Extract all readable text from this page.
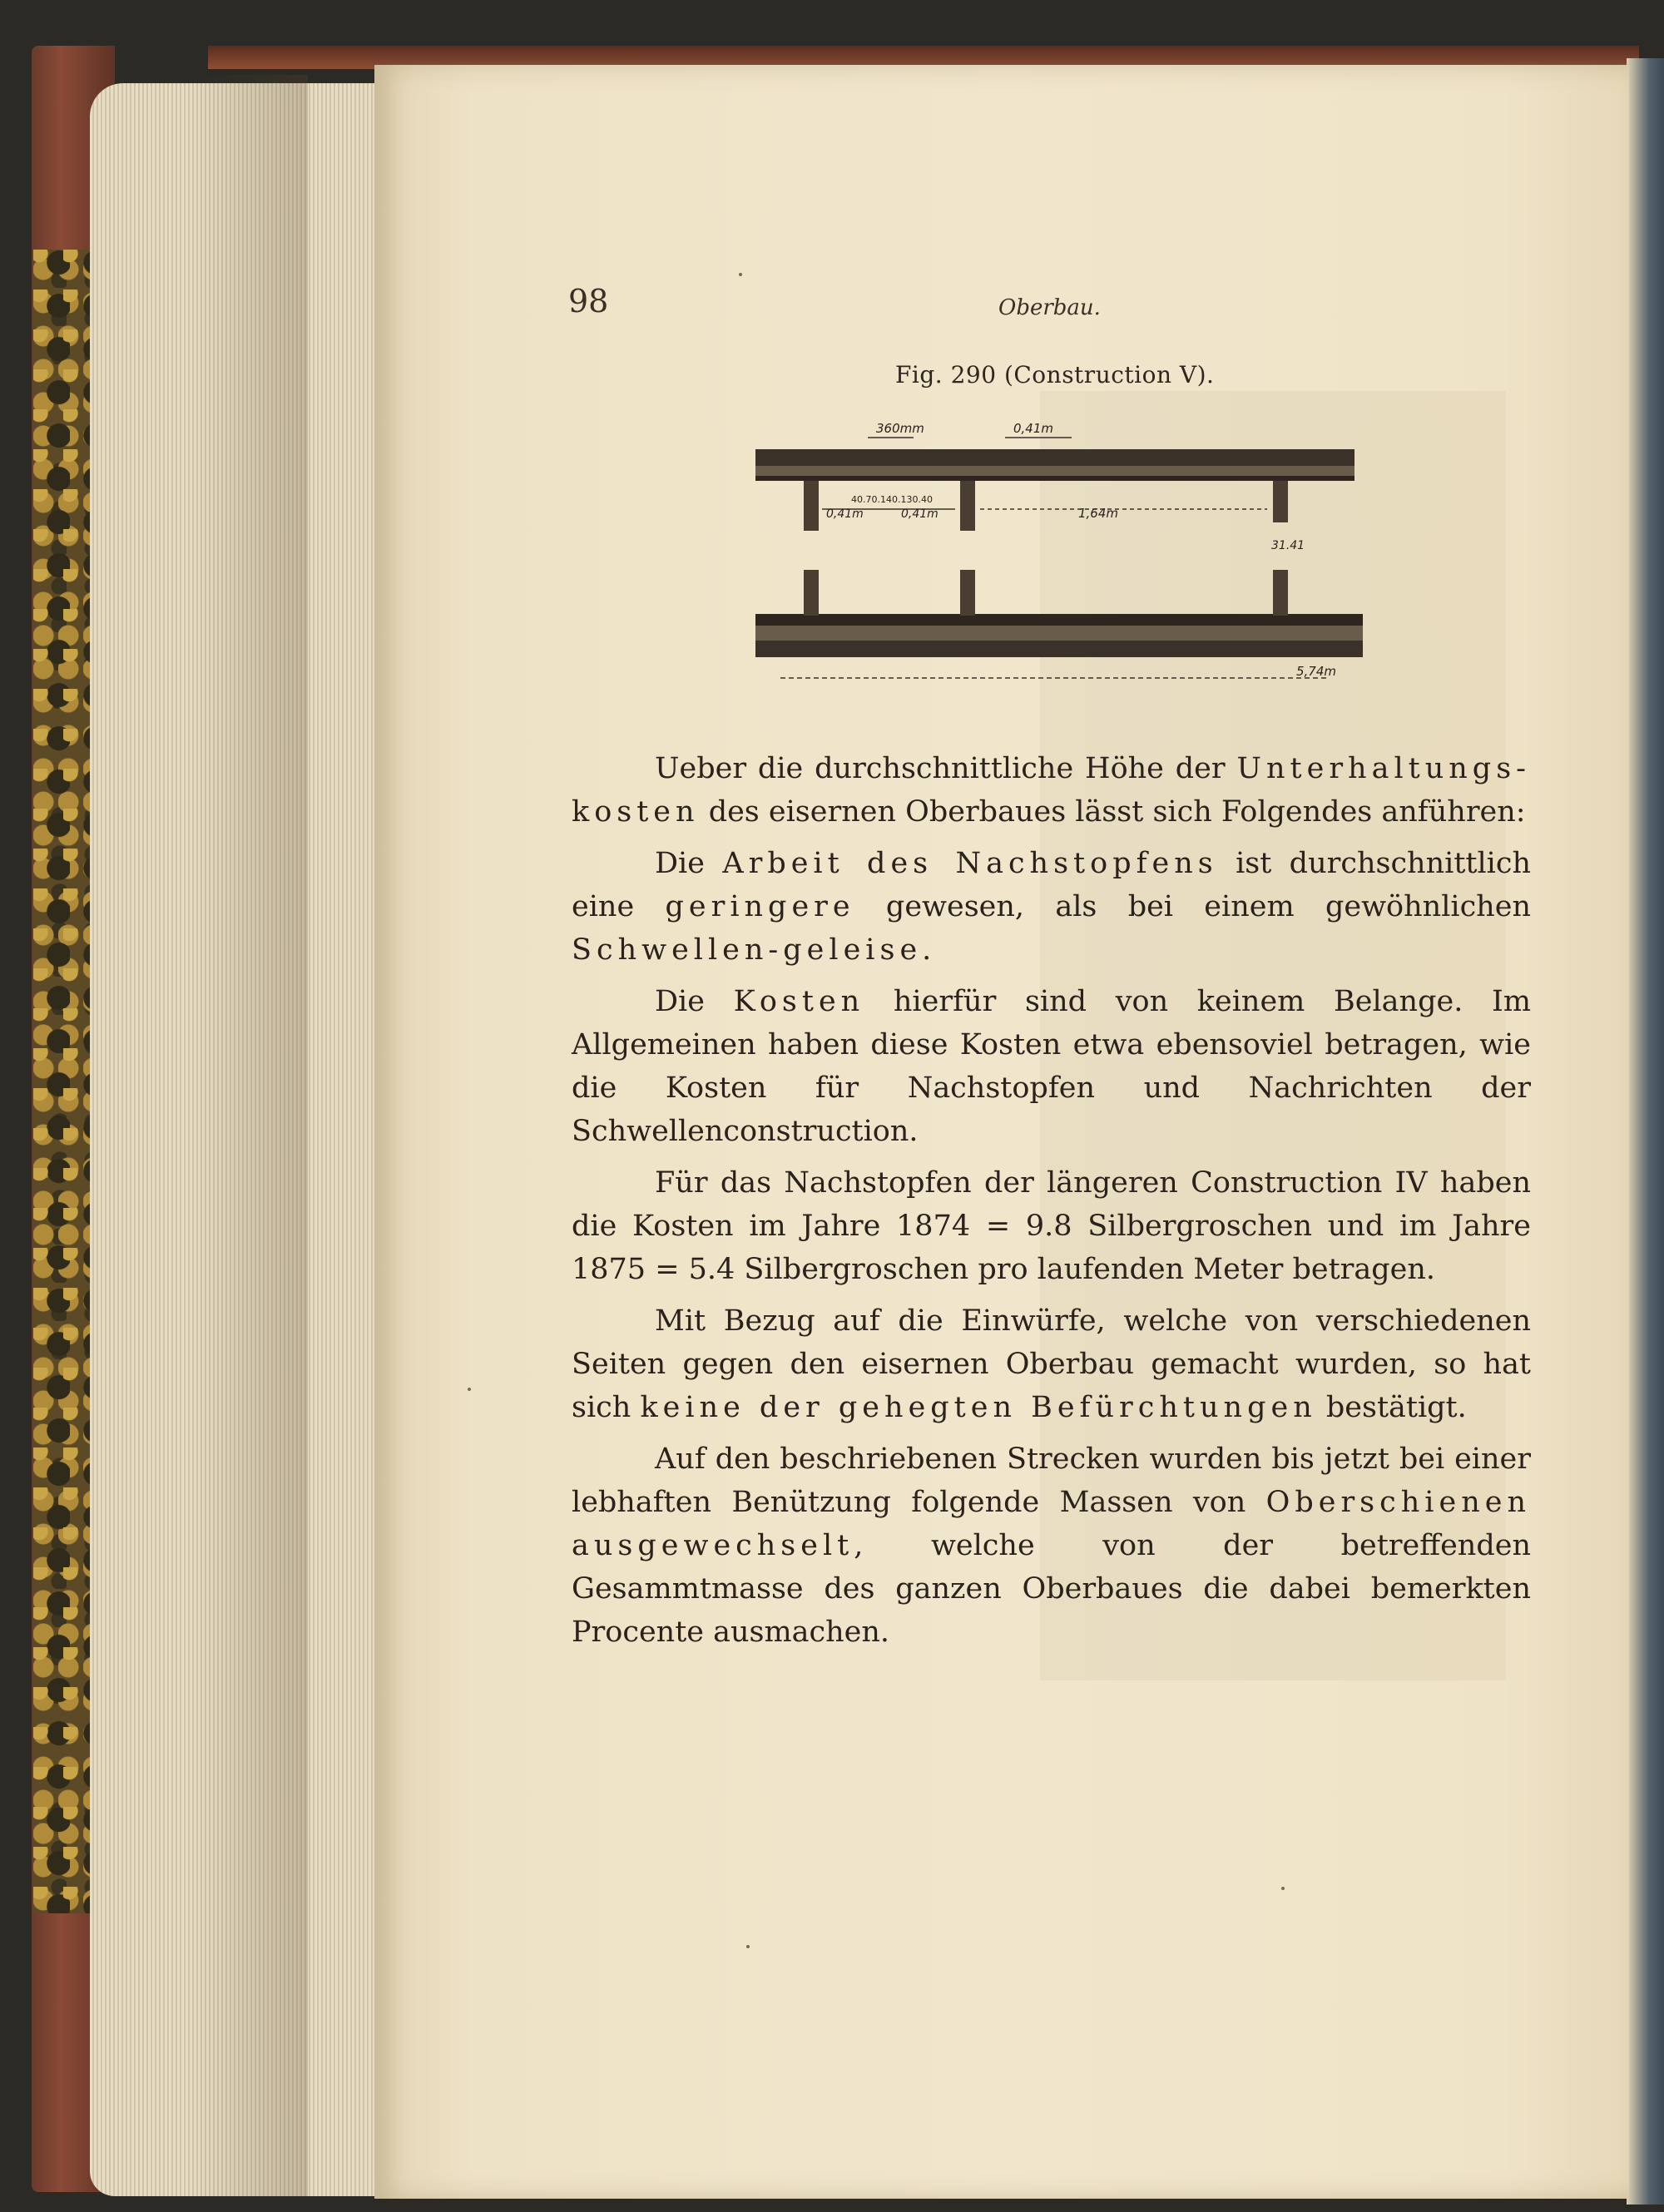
98	Oberbau.
Fig. 290 (Construction V).
360mm	0,41m
40.70.140.130.40
0,41m	0,41m	1,64m
31.41
5,74m

Ueber die durchschnittliche Höhe der Unterhaltungs-kosten des eisernen Oberbaues lässt sich Folgendes anführen:

Die Arbeit des Nachstopfens ist durchschnittlich eine geringere gewesen, als bei einem gewöhnlichen Schwellen-geleise.

Die Kosten hierfür sind von keinem Belange. Im Allgemeinen haben diese Kosten etwa ebensoviel betragen, wie die Kosten für Nachstopfen und Nachrichten der Schwellenconstruction.

Für das Nachstopfen der längeren Construction IV haben die Kosten im Jahre 1874 = 9.8 Silbergroschen und im Jahre 1875 = 5.4 Silbergroschen pro laufenden Meter betragen.

Mit Bezug auf die Einwürfe, welche von verschiedenen Seiten gegen den eisernen Oberbau gemacht wurden, so hat sich keine der gehegten Befürchtungen bestätigt.

Auf den beschriebenen Strecken wurden bis jetzt bei einer lebhaften Benützung folgende Massen von Oberschienen ausgewechselt, welche von der betreffenden Gesammtmasse des ganzen Oberbaues die dabei bemerkten Procente ausmachen.
